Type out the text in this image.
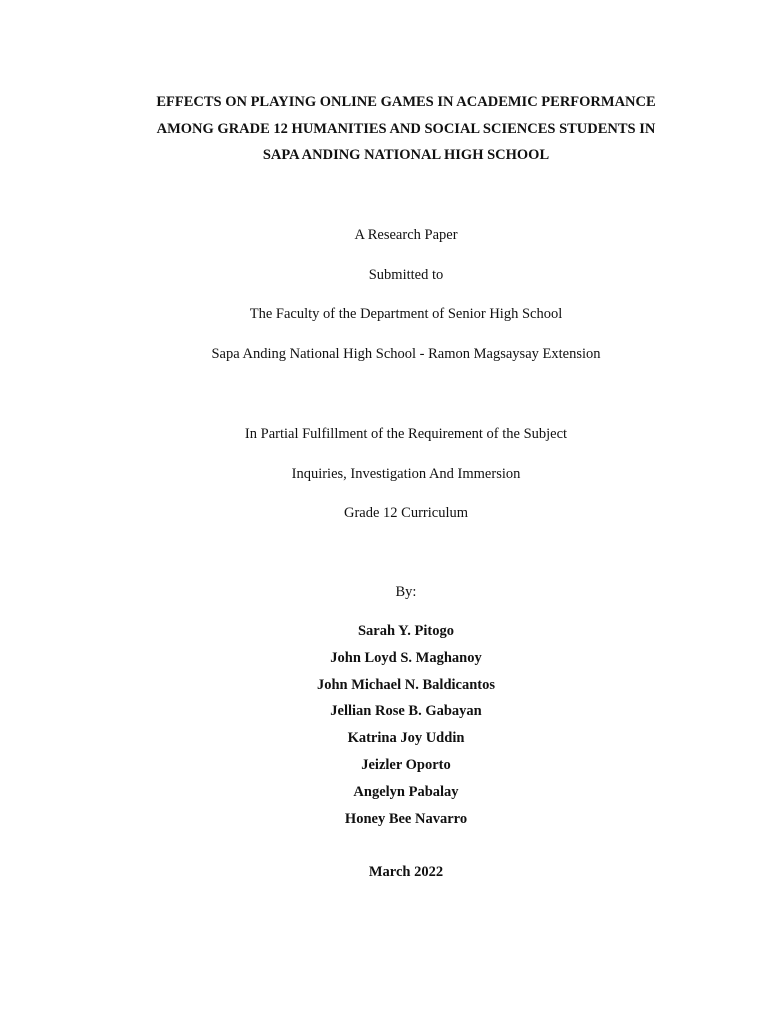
EFFECTS ON PLAYING ONLINE GAMES IN ACADEMIC PERFORMANCE
AMONG GRADE 12 HUMANITIES AND SOCIAL SCIENCES STUDENTS IN
SAPA ANDING NATIONAL HIGH SCHOOL
A Research Paper
Submitted to
The Faculty of the Department of Senior High School
Sapa Anding National High School - Ramon Magsaysay Extension
In Partial Fulfillment of the Requirement of the Subject
Inquiries, Investigation And Immersion
Grade 12 Curriculum
By:
Sarah Y. Pitogo
John Loyd S. Maghanoy
John Michael N. Baldicantos
Jellian Rose B. Gabayan
Katrina Joy Uddin
Jeizler Oporto
Angelyn Pabalay
Honey Bee Navarro
March 2022
